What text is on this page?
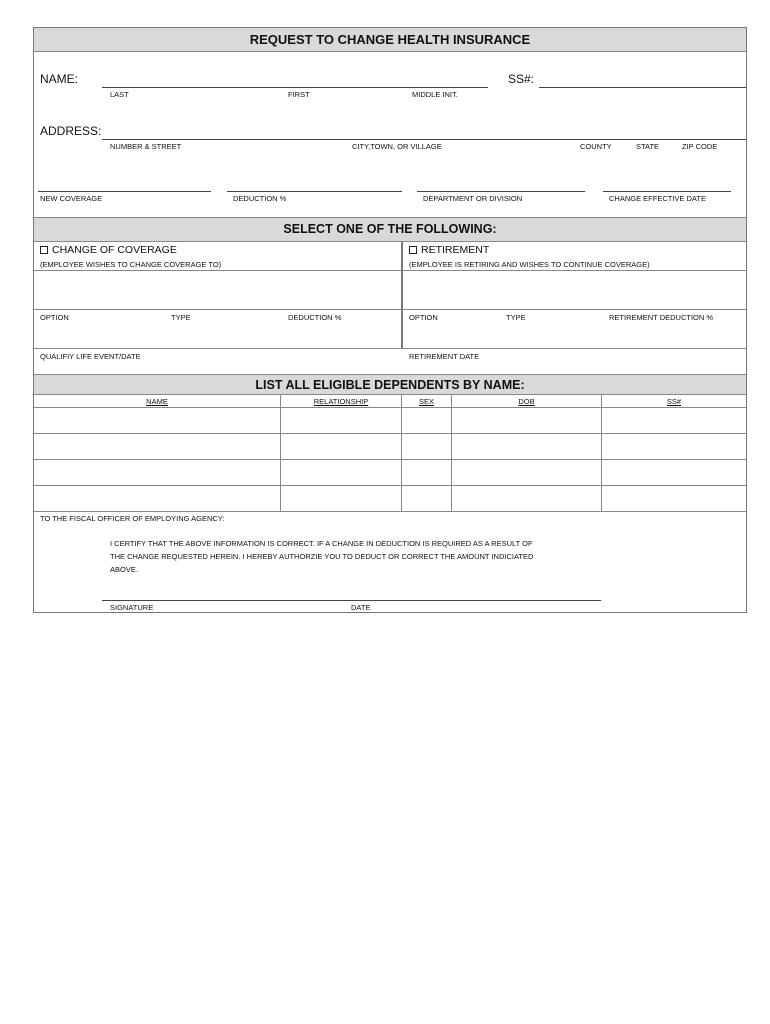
REQUEST TO CHANGE HEALTH INSURANCE
NAME:	SS#:
LAST	FIRST	MIDDLE INIT.
ADDRESS:
NUMBER & STREET	CITY,TOWN, OR VILLAGE	COUNTY	STATE	ZIP CODE
NEW COVERAGE	DEDUCTION %	DEPARTMENT OR DIVISION	CHANGE EFFECTIVE DATE
SELECT ONE OF THE FOLLOWING:
CHANGE OF COVERAGE
(EMPLOYEE WISHES TO CHANGE COVERAGE TO)
RETIREMENT
(EMPLOYEE IS RETIRING AND WISHES TO CONTINUE COVERAGE)
OPTION	TYPE	DEDUCTION %	OPTION	TYPE	RETIREMENT DEDUCTION %
QUALIFIY LIFE EVENT/DATE	RETIREMENT DATE
LIST ALL ELIGIBLE DEPENDENTS BY NAME:
NAME	RELATIONSHIP	SEX	DOB	SS#
TO THE FISCAL OFFICER OF EMPLOYING AGENCY:
I CERTIFY THAT THE ABOVE INFORMATION IS CORRECT. IF A CHANGE IN DEDUCTION IS REQUIRED AS A RESULT OF
THE CHANGE REQUESTED HEREIN. I HEREBY AUTHORZIE YOU TO DEDUCT OR CORRECT THE AMOUNT INDICIATED
ABOVE.
SIGNATURE	DATE
